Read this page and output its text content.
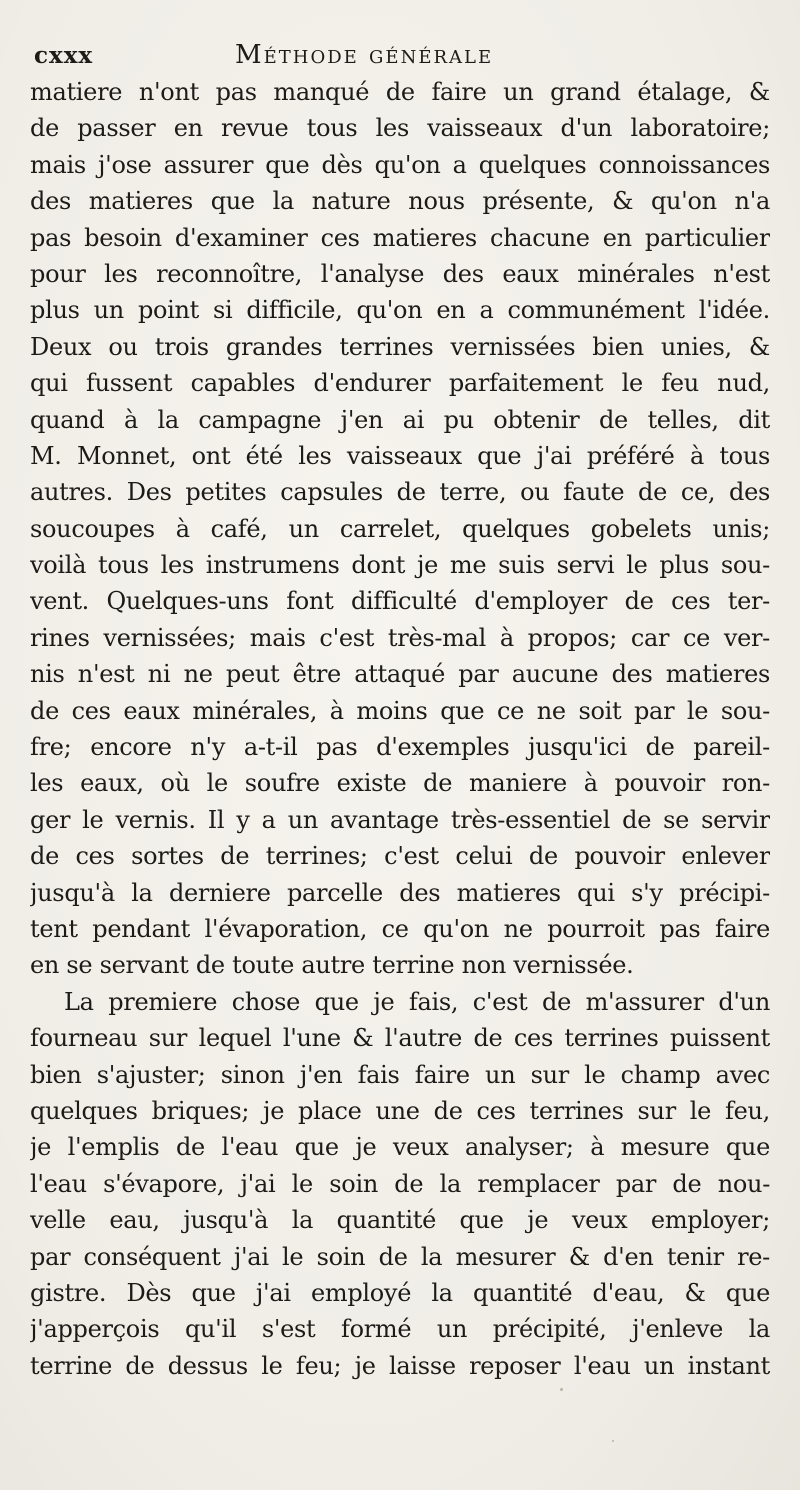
cxxx	Méthode générale
matiere n'ont pas manqué de faire un grand étalage, &
de passer en revue tous les vaisseaux d'un laboratoire;
mais j'ose assurer que dès qu'on a quelques connoissances
des matieres que la nature nous présente, & qu'on n'a
pas besoin d'examiner ces matieres chacune en particulier
pour les reconnoître, l'analyse des eaux minérales n'est
plus un point si difficile, qu'on en a communément l'idée.
Deux ou trois grandes terrines vernissées bien unies, &
qui fussent capables d'endurer parfaitement le feu nud,
quand à la campagne j'en ai pu obtenir de telles, dit
M. Monnet, ont été les vaisseaux que j'ai préféré à tous
autres. Des petites capsules de terre, ou faute de ce, des
soucoupes à café, un carrelet, quelques gobelets unis;
voilà tous les instrumens dont je me suis servi le plus sou-
vent. Quelques-uns font difficulté d'employer de ces ter-
rines vernissées; mais c'est très-mal à propos; car ce ver-
nis n'est ni ne peut être attaqué par aucune des matieres
de ces eaux minérales, à moins que ce ne soit par le sou-
fre; encore n'y a-t-il pas d'exemples jusqu'ici de pareil-
les eaux, où le soufre existe de maniere à pouvoir ron-
ger le vernis. Il y a un avantage très-essentiel de se servir
de ces sortes de terrines; c'est celui de pouvoir enlever
jusqu'à la derniere parcelle des matieres qui s'y précipi-
tent pendant l'évaporation, ce qu'on ne pourroit pas faire
en se servant de toute autre terrine non vernissée.
La premiere chose que je fais, c'est de m'assurer d'un
fourneau sur lequel l'une & l'autre de ces terrines puissent
bien s'ajuster; sinon j'en fais faire un sur le champ avec
quelques briques; je place une de ces terrines sur le feu,
je l'emplis de l'eau que je veux analyser; à mesure que
l'eau s'évapore, j'ai le soin de la remplacer par de nou-
velle eau, jusqu'à la quantité que je veux employer;
par conséquent j'ai le soin de la mesurer & d'en tenir re-
gistre. Dès que j'ai employé la quantité d'eau, & que
j'apperçois qu'il s'est formé un précipité, j'enleve la
terrine de dessus le feu; je laisse reposer l'eau un instant
